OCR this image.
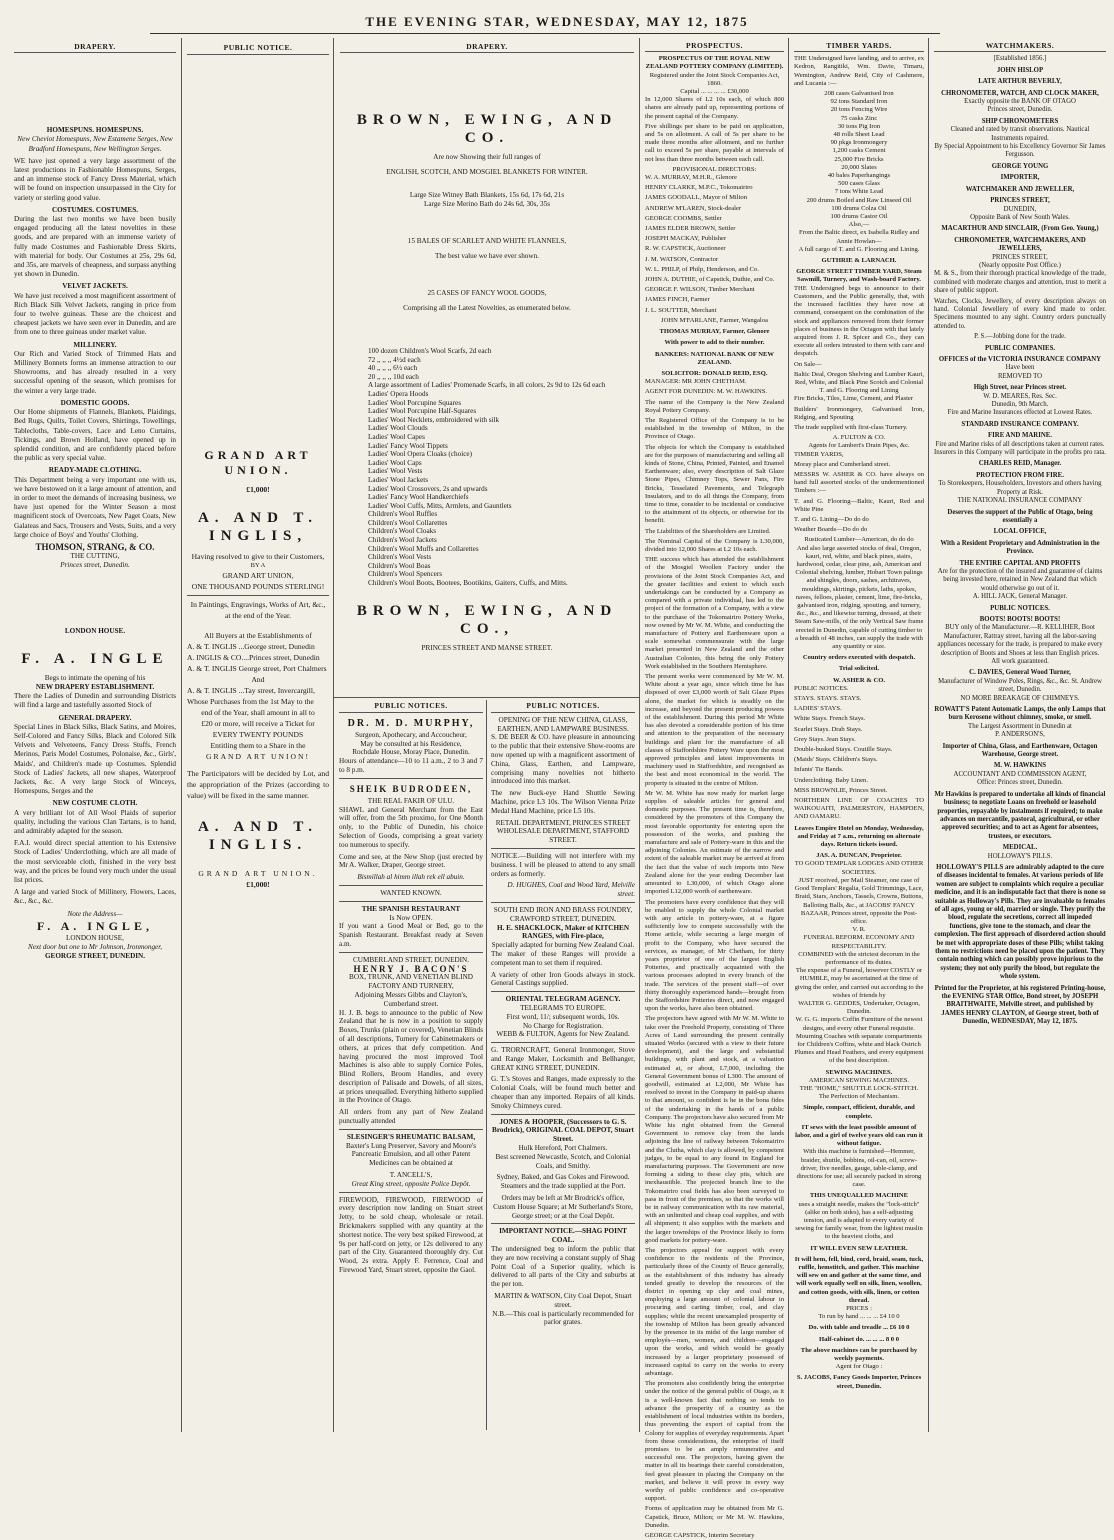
THE EVENING STAR, WEDNESDAY, MAY 12, 1875
DRAPERY.
HOMESPUNS. HOMESPUNS.

New Cheviot Homespuns, New Estamene Serges, New Bradford Homespuns, New Wellington Serges.

WE have just opened a very large assortment of the latest productions in Fashionable Homespuns, Serges, and an immense stock of Fancy Dress Material, which will be found on inspection unsurpassed in the City for variety or sterling good value.

COSTUMES. COSTUMES.

During the last two months we have been busily engaged producing all the latest novelties in these goods, and are prepared with an immense variety of fully made Costumes and Fashionable Dress Skirts, with material for body. Our Costumes at 25s, 29s 6d, and 35s, are marvels of cheapness, and surpass anything yet shown in Dunedin.

VELVET JACKETS.

We have just received a most magnificent assortment of Rich Black Silk Velvet Jackets, ranging in price from four to twelve guineas. These are the choicest and cheapest jackets we have seen ever in Dunedin, and are from one to three guineas under market value.

MILLINERY.

Our Rich and Varied Stock of Trimmed Hats and Millinery Bonnets forms an immense attraction to our Showrooms, and has already resulted in a very successful opening of the season, which promises for the winter a very large trade.

DOMESTIC GOODS.

Our Home shipments of Flannels, Blankets, Plaidings, Bed Rugs, Quilts, Toilet Covers, Shirtings, Towellings, Tablecloths, Table-covers, Lace and Leno Curtains, Tickings, and Brown Holland, have opened up in splendid condition, and are confidently placed before the public as very special value.

READY-MADE CLOTHING.

This Department being a very important one with us, we have bestowed on it a large amount of attention, and in order to meet the demands of increasing business, we have just opened for the Winter Season a most magnificent stock of Overcoats, New Paget Coats, New Galateas and Sacs, Trousers and Vests, Suits, and a very large choice of Boys' and Youths' Clothing.

THOMSON, STRANG, & CO.
THE CUTTING,
Princes street, Dunedin.
LONDON HOUSE.
F. A. INGLE
Begs to intimate the opening of his
NEW DRAPERY ESTABLISHMENT.

There the Ladies of Dunedin and surrounding Districts will find a large and tastefully assorted Stock of

GENERAL DRAPERY.

Special Lines in Black Silks, Black Satins, and Moires, Self-Colored and Fancy Silks, Black and Colored Silk Velvets and Velveteens, Fancy Dress Stuffs, French Merinos, Paris Model Costumes, Polonaise, &c., Girls', Maids', and Children's made up Costumes. Splendid Stock of Ladies' Jackets, all new shapes, Waterproof Jackets, &c. A very large Stock of Winceys, Homespuns, Serges and the

NEW COSTUME CLOTH.

A very brilliant lot of All Wool Plaids of superior quality, including the various Clan Tartans, is to hand, and admirably adapted for the season.

F.A.I. would direct special attention to his Extensive Stock of Ladies' Underclothing, which are all made of the most serviceable cloth, finished in the very best way, and the prices be found very much under the usual list prices.

A large and varied Stock of Millinery, Flowers, Laces, &c., &c., &c.

Note the Address—
F. A. INGLE,
LONDON HOUSE,
Next door but one to Mr Johnson, Ironmonger,
GEORGE STREET, DUNEDIN.
PUBLIC NOTICE.
GRAND ART UNION.
£1,000!
A. AND T. INGLIS,
Having resolved to give to their Customers,
BY A
GRAND ART UNION,
ONE THOUSAND POUNDS STERLING!

In Paintings, Engravings, Works of Art, &c., at the end of the Year.

All Buyers at the Establishments of
A. & T. INGLIS ...George street, Dunedin
A. INGLIS & CO....Princes street, Dunedin
A. & T. INGLIS George street, Port Chalmers
And
A. & T. INGLIS ...Tay street, Invercargill,
Whose Purchases from the 1st May to the
end of the Year, shall amount in all to
£20 or more, will receive a Ticket for
EVERY TWENTY POUNDS
Entitling them to a Share in the
GRAND ART UNION!

The Participators will be decided by Lot, and the appropriation of the Prizes (according to value) will be fixed in the same manner.

A. AND T. INGLIS.
GRAND ART UNION.
£1,000!
DRAPERY.
BROWN, EWING, AND CO.
Are now Showing their full ranges of
ENGLISH, SCOTCH, AND MOSGIEL BLANKETS FOR WINTER.
Large Size Witney Bath Blankets, 15s 6d, 17s 6d, 21s
Large Size Merino Bath do 24s 6d, 30s, 35s
15 BALES OF SCARLET AND WHITE FLANNELS,
The best value we have ever shown.
25 CASES OF FANCY WOOL GOODS,
Comprising all the Latest Novelties, as enumerated below.
100 dozen Children's Wool Scarfs, 2d each
72 ,, ,, ,, 4½d each
40 ,, ,, ,, 6½ each
20 ,, ,, ,, 10d each
A large assortment of Ladies' Promenade Scarfs, in all colors, 2s 9d to 12s 6d each
Ladies' Opera Hoods
Ladies' Wool Porcupine Squares
Ladies' Wool Porcupine Half-Squares
Ladies' Wool Necklets, embroidered with silk
Ladies' Wool Clouds
Ladies' Wool Capes
Ladies' Fancy Wool Tippets
Ladies' Wool Opera Cloaks (choice)
Ladies' Wool Caps
Ladies' Wool Vests
Ladies' Wool Jackets
Ladies' Wool Crossovers, 2s and upwards
Ladies' Fancy Wool Handkerchiefs
Ladies' Wool Cuffs, Mitts, Armlets, and Gauntlets
Children's Wool Ruffles
Children's Wool Collarettes
Children's Wool Cloaks
Children's Wool Jackets
Children's Wool Muffs and Collarettes
Children's Wool Vests
Children's Wool Boas
Children's Wool Spencers
Children's Wool Boots, Bootees, Bootikins, Gaiters, Cuffs, and Mitts.
BROWN, EWING, AND CO.,
PRINCES STREET AND MANSE STREET.
PUBLIC NOTICES.
DR. M. D. MURPHY,
Surgeon, Apothecary, and Accoucheur,
May be consulted at his Residence,
Rochdale House, Moray Place, Dunedin.

Hours of attendance—10 to 11 a.m., 2 to 3 and 7 to 8 p.m.

SHEIK BUDRODEEN,
THE REAL FAKIR OF ULU.

SHAWL and General Merchant from the East will offer, from the 5th proximo, for One Month only, to the Public of Dunedin, his choice Selection of Goods, comprising a great variety too numerous to specify.

Come and see, at the New Shop (just erected by Mr A. Walker, Draper, George street.

Bismillah al himm illah rek ell abuin.
WANTED KNOWN.
THE SPANISH RESTAURANT
Is Now OPEN.

If you want a Good Meal or Bed, go to the Spanish Restaurant. Breakfast ready at Seven a.m.

CUMBERLAND STREET, DUNEDIN.
HENRY J. BACON'S
BOX, TRUNK, AND VENETIAN BLIND FACTORY AND TURNERY,
Adjoining Messrs Gibbs and Clayton's, Cumberland street.

H. J. B. begs to announce to the public of New Zealand that he is now in a position to supply Boxes, Trunks (plain or covered), Venetian Blinds of all descriptions, Turnery for Cabinetmakers or others, at prices that defy competition. And having procured the most improved Tool Machines is also able to supply Cornice Poles, Blind Rollers, Broom Handles, and every description of Palisade and Dowels, of all sizes, at prices unequalled. Everything hitherto supplied in the Province of Otago.

All orders from any part of New Zealand punctually attended

SLESINGER'S RHEUMATIC BALSAM,

Baxter's Lung Preserver, Savory and Moore's Pancreatic Emulsion, and all other Patent Medicines can be obtained at

T. ANCELL'S,
Great King street, opposite Police Depôt.

FIREWOOD, FIREWOOD, FIREWOOD of every description now landing on Stuart street Jetty, to be sold cheap, wholesale or retail. Brickmakers supplied with any quantity at the shortest notice. The very best spiked Firewood, at 9s per half-cord on jetty, or 12s delivered to any part of the City. Guaranteed thoroughly dry. Cut Wood, 2s extra. Apply F. Ferrence, Coal and Firewood Yard, Stuart street, opposite the Gaol.

PUBLIC NOTICES.
OPENING OF THE NEW CHINA, GLASS, EARTHEN, AND LAMPWARE BUSINESS.

S. DE BEER & CO. have pleasure in announcing to the public that their extensive Show-rooms are now opened up with a magnificent assortment of China, Glass, Earthen, and Lampware, comprising many novelties not hitherto introduced into this market.

The new Buck-eye Hand Shuttle Sewing Machine, price L3 10s. The Wilson Vienna Prize Medal Hand Machine, price L5 10s.

RETAIL DEPARTMENT, PRINCES STREET
WHOLESALE DEPARTMENT, STAFFORD STREET.

NOTICE.—Building will not interfere with my business. I will be pleased to attend to any small orders as formerly.

D. HUGHES, Coal and Wood Yard, Melville street.
SOUTH END IRON AND BRASS FOUNDRY, CRAWFORD STREET, DUNEDIN.
H. E. SHACKLOCK, Maker of KITCHEN RANGES, with Fire-place,
Specially adapted for burning New Zealand Coal.

The maker of these Ranges will provide a competent man to set them if required.

A variety of other Iron Goods always in stock. General Castings supplied.

ORIENTAL TELEGRAM AGENCY.
TELEGRAMS TO EUROPE.
First word, 11/; subsequent words, 10s.
No Charge for Registration.
WEBB & FULTON, Agents for New Zealand.

G. TRORNCRAFT, General Ironmonger, Stove and Range Maker, Locksmith and Bellhanger, GREAT KING STREET, DUNEDIN.

G. T.'s Stoves and Ranges, made expressly to the Colonial Coals, will be found much better and cheaper than any imported. Repairs of all kinds. Smoky Chimneys cured.

JONES & HOOPER, (Successors to G. S. Brodrick), ORIGINAL COAL DEPOT, Stuart Street.
Hulk Hereford, Port Chalmers.

Best screened Newcastle, Scotch, and Colonial Coals, and Smithy.

Sydney, Baked, and Gas Cokes and Firewood. Steamers and the trade supplied at the Port.

Orders may be left at Mr Brodrick's office, Custom House Square; at Mr Sutherland's Store, George street; or at the Coal Depôt.

IMPORTANT NOTICE.—SHAG POINT COAL.

The undersigned beg to inform the public that they are now receiving a constant supply of Shag Point Coal of a Superior quality, which is delivered to all parts of the City and suburbs at the per ton.

MARTIN & WATSON, City Coal Depot, Stuart street.
N.B.—This coal is particularly recommended for parlor grates.
PROSPECTUS.
PROSPECTUS OF THE ROYAL NEW ZEALAND POTTERY COMPANY (LIMITED).
Registered under the Joint Stock Companies Act, 1860.
Capital ... ... ... ... £30,000
In 12,000 Shares of L2 10s each, of which 800 shares are already paid up, representing portions of the present capital of the Company.
Five shillings per share to be paid on application, and 5s on allotment. A call of 5s per share to be made three months after allotment, and no further call to exceed 5s per share, payable at intervals of not less than three months between each call.
PROVISIONAL DIRECTORS:
W. A. MURRAY, M.H.R., Glenore
HENRY CLARKE, M.P.C., Tokomairiro
JAMES GOODALL, Mayor of Milton
ANDREW M'LAREN, Stock-dealer
GEORGE COOMBS, Settler
JAMES ELDER BROWN, Settler
JOSEPH MACKAY, Publisher
R. W. CAPSTICK, Auctioneer
J. M. WATSON, Contractor
W. L. PHILP, of Philp, Henderson, and Co.
JOHN A. DUTHIE, of Capstick, Duthie, and Co.
GEORGE F. WILSON, Timber Merchant
JAMES FINCH, Farmer
J. L. SOUTTER, Merchant
JOHN M'FARLANE, Farmer, Wangaloa
THOMAS MURRAY, Farmer, Glenore
With power to add to their number.
BANKERS: NATIONAL BANK OF NEW ZEALAND.
SOLICITOR: DONALD REID, ESQ.
MANAGER: MR JOHN CHETHAM.
AGENT FOR DUNEDIN: M. W. HAWKINS.
The name of the Company is the New Zealand Royal Pottery Company.
The Registered Office of the Company is to be established in the township of Milton, in the Province of Otago.
The objects for which the Company is established are for the purposes of manufacturing and selling all kinds of Stone, China, Printed, Painted, and Enamel Earthenware; also, every description of Salt Glaze Stone Pipes, Chimney Tops, Sewer Pans, Fire Bricks, Tesselated Pavements, and Telegraph Insulators, and to do all things the Company, from time to time, consider to be incidental or conducive to the attainment of its objects, or otherwise for its benefit.
The Liabilities of the Shareholders are Limited.
The Nominal Capital of the Company is L30,000, divided into 12,000 Shares at L2 10s each.
THE success which has attended the establishment of the Mosgiel Woollen Factory under the provisions of the Joint Stock Companies Act, and the greater facilities and extent to which such undertakings can be conducted by a Company as compared with a private individual, has led to the project of the formation of a Company, with a view to the purchase of the Tokomairiro Pottery Works, now owned by Mr W. M. White, and conducting the manufacture of Pottery and Earthenware upon a scale somewhat commensurate with the large market presented in New Zealand and the other Australian Colonies, this being the only Pottery Work established in the Southern Hemisphere.
The present works were commenced by Mr W. M. White about a year ago, since which time he has disposed of over £3,000 worth of Salt Glaze Pipes alone, the market for which is steadily on the increase, and beyond the present producing powers of the establishment. During this period Mr White has also devoted a considerable portion of his time and attention to the preparation of the necessary buildings and plant for the manufacture of all classes of Staffordshire Pottery Ware upon the most approved principles and latest improvements in machinery used in Staffordshire, and recognised as the best and most economical in the world. The property is situated in the centre of Milton.
Mr W. M. White has now ready for market large supplies of saleable articles for general and domestic purposes. The present time is, therefore, considered by the promoters of this Company the most favorable opportunity for entering upon the possession of the works, and pushing the manufacture and sale of Pottery-ware in this and the adjoining Colonies. An estimate of the narrow and extent of the saleable market may be arrived at from the fact that the value of such imports into New Zealand alone for the year ending December last amounted to L30,000, of which Otago alone imported L12,000 worth of earthenware.
The promoters have every confidence that they will be enabled to supply the whole Colonial market with any article in pottery-ware, at a figure sufficiently low to compete successfully with the Home article, while securing a large margin of profit to the Company, who have secured the services, as manager, of Mr Chetham, for thirty years proprietor of one of the largest English Potteries, and practically acquainted with the various processes adopted in every branch of the trade. The services of the present staff—of over thirty thoroughly experienced hands—brought from the Staffordshire Potteries direct, and now engaged upon the works, have also been obtained.
The projectors have agreed with Mr W. M. White to take over the Freehold Property, consisting of Three Acres of Land surrounding the present centrally situated Works (secured with a view to their future development), and the large and substantial buildings, with plant and stock, at a valuation estimated at, or about, L7,000, including the General Government bonus of L300. The amount of goodwill, estimated at L2,000, Mr White has resolved to invest in the Company in paid-up shares to that amount, so confident is he in the bona fides of the undertaking in the hands of a public Company. The projectors have also secured from Mr White his right obtained from the General Government to remove clay from the lands adjoining the line of railway between Tokomairiro and the Clutha, which clay is allowed, by competent judges, to be equal to any found in England for manufacturing purposes. The Government are now forming a siding to these clay pits, which are inexhaustible. The projected branch line to the Tokomairiro coal fields has also been surveyed to pass in front of the premises, so that the works will be in railway communication with its raw material, with an unlimited and cheap coal supplies, and with all shipment; it also supplies with the markets and the larger townships of the Province likely to form good markets for pottery-ware.
The projectors appeal for support with every confidence to the residents of the Province, particularly those of the County of Bruce generally, as the establishment of this industry has already tended greatly to develop the resources of the district in opening up clay and coal mines, employing a large amount of colonial labour in procuring and carting timber, coal, and clay supplies; while the recent unexampled prosperity of the township of Milton has been greatly advanced by the presence in its midst of the large number of employés—men, women, and children—engaged upon the works, and which would be greatly increased by a larger proprietary possessed of increased capital to carry on the works to every advantage.
The promoters also confidently bring the enterprise under the notice of the general public of Otago, as it is a well-known fact that nothing so tends to advance the prosperity of a country as the establishment of local industries within its borders, thus preventing the export of capital from the Colony for supplies of everyday requirements. Apart from these considerations, the enterprise of itself promises to be an amply remunerative and successful one. The projectors, having given the matter in all its bearings their careful consideration, feel great pleasure in placing the Company on the market, and believe it will prove in every way worthy of public confidence and co-operative support.
Forms of application may be obtained from Mr G. Capstick, Bruce, Milton; or Mr M. W. Hawkins, Dunedin.
GEORGE CAPSTICK, Interim Secretary
TIMBER YARDS.
THE Undersigned have landing, and to arrive, ex Kedron, Rangitiki, Wm. Davie, Timaru, Wemington, Andrew Reid, City of Cashmere, and Lucania :—
208 cases Galvanised Iron
92 tons Standard Iron
20 tons Fencing Wire
75 casks Zinc
30 tons Pig Iron
48 rolls Sheet Lead
90 pkgs Ironmongery
1,200 casks Cement
25,000 Fire Bricks
20,000 Slates
40 bales Paperhangings
500 cases Glass
7 tons White Lead
200 drums Boiled and Raw Linseed Oil
100 drums Colza Oil
100 drums Castor Oil
Also,—
From the Baltic direct, ex Isabella Ridley and Annie Howlan—
A full cargo of T. and G. Flooring and Lining.
GUTHRIE & LARNACH.
GEORGE STREET TIMBER YARD, Steam Sawmill, Turnery, and Wash-board Factory.
THE Undersigned begs to announce to their Customers, and the Public generally, that, with the increased facilities they have now at command, consequent on the combination of the stock and appliances removed from their former places of business in the Octagon with that lately acquired from J. R. Spicer and Co., they can execute all orders intrusted to them with care and despatch.
On Sale—
Baltic Deal, Oregon Shelving and Lumber Kauri, Red, White, and Black Pine Scotch and Colonial T. and G. Flooring and Lining
Fire Bricks, Tiles, Lime, Cement, and Plaster
Builders' Ironmongery, Galvanised Iron, Ridging, and Spouting
The trade supplied with first-class Turnery.
A. FULTON & CO.
Agents for Lambert's Drain Pipes, &c.
TIMBER YARDS,
Moray place and Cumberland street.
MESSRS W. ASHER & CO. have always on hand full assorted stocks of the undermentioned Timbers :—
T. and G. Flooring—Baltic, Kauri, Red and White Pine
T. and G. Lining—Do do do
Weather Boards—Do do do
Rusticated Lumber—American, do do do
And also large assorted stocks of deal, Oregon, kauri, red, white, and black pines, stairs, hardwood, cedar, clear pine, ash, American and Colonial shelving, lumber, Hobart Town palings and shingles, doors, sashes, architraves, mouldings, skirtings, pickets, laths, spokes, naves, felloes, plaster, cement, lime, fire-bricks, galvanised iron, ridging, spouting, and turnery, &c., &c., and likewise turning, dressed, at their Steam Saw-mills, of the only Vertical Saw frame erected in Dunedin, capable of cutting timber to a breadth of 48 inches, can supply the trade with any quantity or size.
Country orders executed with despatch.
Trial solicited.
W. ASHER & CO.
PUBLIC NOTICES.
STAYS. STAYS. STAYS.
LADIES' STAYS.
White Stays. French Stays.
Scarlet Stays. Drab Stays.
Grey Stays. Jean Stays.
Double-busked Stays. Coutille Stays.
(Maids' Stays. Children's Stays.
Infants' Tie Bands.
Underclothing. Baby Linen.
MISS BROWNLIE, Princes Street.
NORTHERN LINE OF COACHES TO WAIKOUAITI, PALMERSTON, HAMPDEN, AND OAMARU.
Leaves Empire Hotel on Monday, Wednesday, and Friday at 7 a.m., returning on alternate days. Return tickets issued.
JAS. A. DUNCAN, Proprietor.
TO GOOD TEMPLAR LODGES AND OTHER SOCIETIES.
JUST received, per Mail Steamer, one case of Good Templars' Regalia, Gold Trimmings, Lace, Braid, Stars, Anchors, Tassels, Crowns, Buttons, Balloting Balls, &c., at JACOBS' FANCY BAZAAR, Princes street, opposite the Post-office.
V. R.
FUNERAL REFORM. ECONOMY AND RESPECTABILITY.
COMBINED with the strictest decorum in the performance of its duties.
The expense of a Funeral, however COSTLY or HUMBLE, may be ascertained at the time of giving the order, and carried out according to the wishes of friends by
WALTER G. GEDDES, Undertaker, Octagon, Dunedin.
W. G. G. imports Coffin Furniture of the newest designs, and every other Funeral requisite. Mourning Coaches with separate compartments for Children's Coffins, white and black Ostrich Plumes and Head Feathers, and every equipment of the best description.
SEWING MACHINES.
AMERICAN SEWING MACHINES.
THE "HOME," SHUTTLE LOCK-STITCH.
The Perfection of Mechanism.
Simple, compact, efficient, durable, and complete.
IT sews with the least possible amount of labor, and a girl of twelve years old can run it without fatigue.
With this machine is furnished—Hemmer, braider, shuttle, bobbins, oil-can, oil, screw-driver, five needles, gauge, table-clamp, and directions for use; all securely packed in strong case.
THIS UNEQUALLED MACHINE
uses a straight needle, makes the "lock-stitch" (alike on both sides), has a self-adjusting tension, and is adapted to every variety of sewing for family wear, from the lightest muslin to the heaviest cloths, and
IT WILL EVEN SEW LEATHER.
It will hem, fell, bind, cord, braid, seam, tuck, ruffle, hemstitch, and gather. This machine will sew on and gather at the same time, and will work equally well on silk, linen, woollen, and cotton goods, with silk, linen, or cotton thread.
PRICES :
To run by hand ... ... ... £4 10 0
Do. with table and treadle ... £6 10 0
Half-cabinet do. ... ... ... 8 0 0
The above machines can be purchased by weekly payments.
Agent for Otago :
S. JACOBS, Fancy Goods Importer, Princes street, Dunedin.
WATCHMAKERS.
[Established 1856.]
JOHN HISLOP
LATE ARTHUR BEVERLY,
CHRONOMETER, WATCH, AND CLOCK MAKER,
Exactly opposite the BANK OF OTAGO
Princes street, Dunedin.
SHIP CHRONOMETERS
Cleaned and rated by transit observations. Nautical Instruments repaired.
By Special Appointment to his Excellency Governor Sir James Fergusson.
GEORGE YOUNG
IMPORTER,
WATCHMAKER AND JEWELLER,
PRINCES STREET,
DUNEDIN,
Opposite Bank of New South Wales.
MACARTHUR AND SINCLAIR, (From Geo. Young,)
CHRONOMETER, WATCHMAKERS, AND JEWELLERS,
PRINCES STREET,
(Nearly opposite Post Office.)
M. & S., from their thorough practical knowledge of the trade, combined with moderate charges and attention, trust to merit a share of public support.
Watches, Clocks, Jewellery, of every description always on hand. Colonial Jewellery of every kind made to order. Specimens mounted to any sight. Country orders punctually attended to.
P. S.—Jobbing done for the trade.
PUBLIC COMPANIES.
OFFICES of the VICTORIA INSURANCE COMPANY
Have been
REMOVED TO
High Street, near Princes street.
W. D. MEARES, Res. Sec.
Dunedin, 9th March.
Fire and Marine Insurances effected at Lowest Rates.
STANDARD INSURANCE COMPANY.
FIRE AND MARINE.
Fire and Marine risks of all descriptions taken at current rates.
Insurers in this Company will participate in the profits pro rata.
CHARLES REID, Manager.
PROTECTION FROM FIRE.
To Storekeepers, Householders, Investors and others having Property at Risk.
THE NATIONAL INSURANCE COMPANY
Deserves the support of the Public of Otago, being essentially a
LOCAL OFFICE,
With a Resident Proprietary and Administration in the Province.
THE ENTIRE CAPITAL AND PROFITS
Are for the protection of the insured and guarantee of claims being invested here, retained in New Zealand that which would otherwise go out of it.
A. HILL JACK, General Manager.
PUBLIC NOTICES.
BOOTS! BOOTS! BOOTS!
BUY only of the Manufacturer.—R. KELLIHER, Boot Manufacturer, Rattray street, having all the labor-saving appliances necessary for the trade, is prepared to make every description of Boots and Shoes at less than English prices.
All work guaranteed.
C. DAVIES, General Wood Turner,
Manufacturer of Window Poles, Rings, &c., &c. St. Andrew street, Dunedin.
NO MORE BREAKAGE OF CHIMNEYS.
ROWATT'S Patent Automatic Lamps, the only Lamps that burn Kerosene without chimney, smoke, or smell.
The Largest Assortment in Dunedin at
P. ANDERSON'S,
Importer of China, Glass, and Earthenware, Octagon Warehouse, George street.
M. W. HAWKINS
ACCOUNTANT AND COMMISSION AGENT,
Office: Princes street, Dunedin.
Mr Hawkins is prepared to undertake all kinds of financial business; to negotiate Loans on freehold or leasehold properties, repayable by instalments if required; to make advances on mercantile, pastoral, agricultural, or other approved securities; and to act as Agent for absentees, trustees, or executors.
MEDICAL.
HOLLOWAY'S PILLS.
HOLLOWAY'S PILLS are admirably adapted to the cure of diseases incidental to females. At various periods of life women are subject to complaints which require a peculiar medicine, and it is an indisputable fact that there is none so suitable as Holloway's Pills. They are invaluable to females of all ages, young or old, married or single. They purify the blood, regulate the secretions, correct all impeded functions, give tone to the stomach, and clear the complexion. The first approach of disordered action should be met with appropriate doses of these Pills; whilst taking them no restrictions need be placed upon the patient. They contain nothing which can possibly prove injurious to the system; they not only purify the blood, but regulate the whole system.
Printed for the Proprietor, at his registered Printing-house, the EVENING STAR Office, Bond street, by JOSEPH BRAITHWAITE, Melville street, and published by JAMES HENRY CLAYTON, of George street, both of Dunedin, WEDNESDAY, May 12, 1875.
